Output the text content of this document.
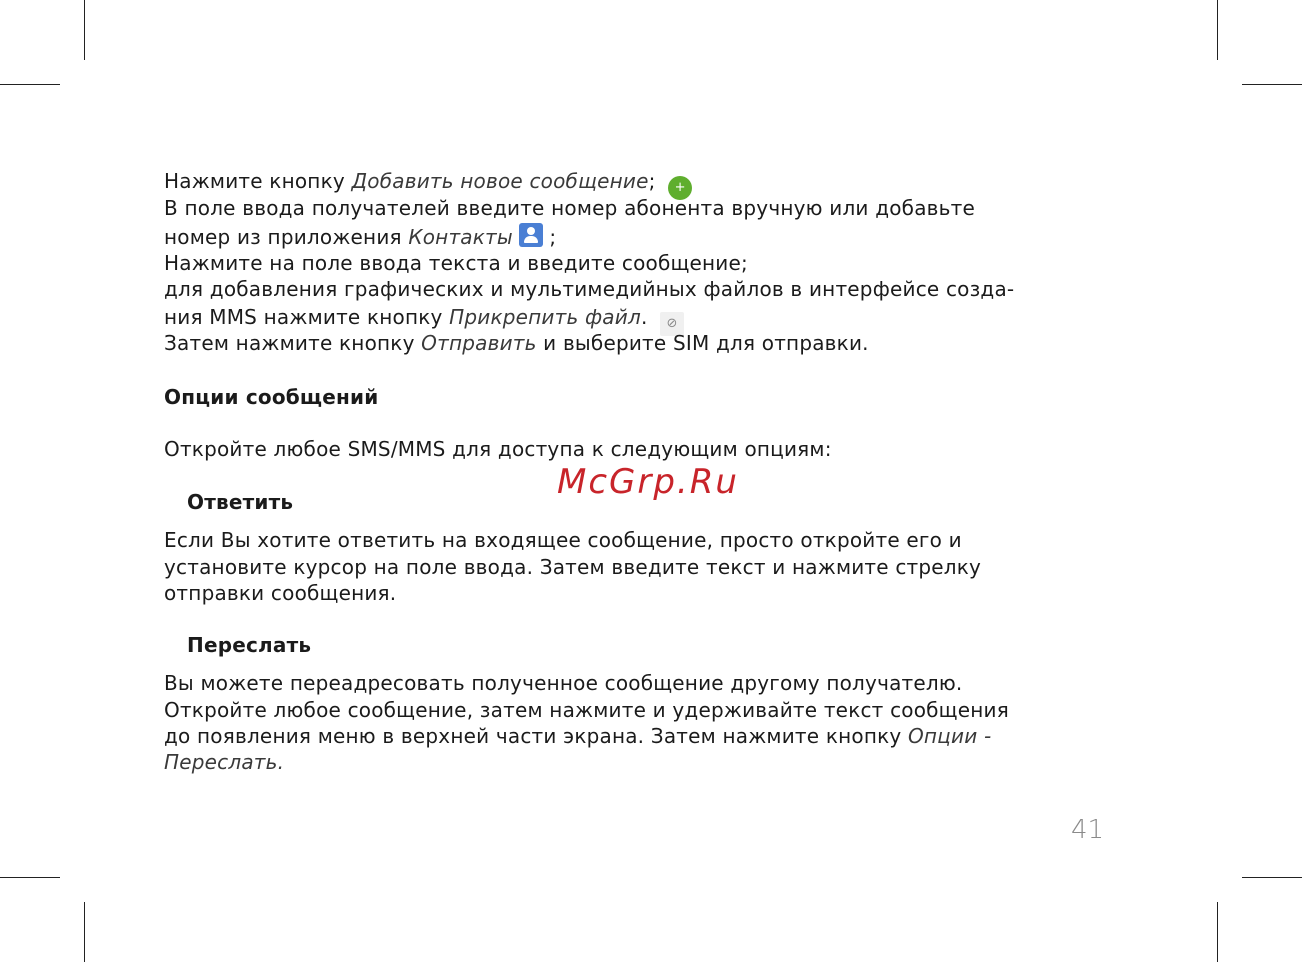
Нажмите кнопку Добавить новое сообщение; +
В поле ввода получателей введите номер абонента вручную или добавьте
номер из приложения Контакты
;
Нажмите на поле ввода текста и введите сообщение;
для добавления графических и мультимедийных файлов в интерфейсе созда-
ния MMS нажмите кнопку Прикрепить файл. ⊘
Затем нажмите кнопку Отправить и выберите SIM для отправки.
Опции сообщений
Откройте любое SMS/MMS для доступа к следующим опциям:
McGrp.Ru
Ответить
Если Вы хотите ответить на входящее сообщение, просто откройте его и
установите курсор на поле ввода. Затем введите текст и нажмите стрелку
отправки сообщения.
Переслать
Вы можете переадресовать полученное сообщение другому получателю.
Откройте любое сообщение, затем нажмите и удерживайте текст сообщения
до появления меню в верхней части экрана. Затем нажмите кнопку Опции -
Переслать.
41
